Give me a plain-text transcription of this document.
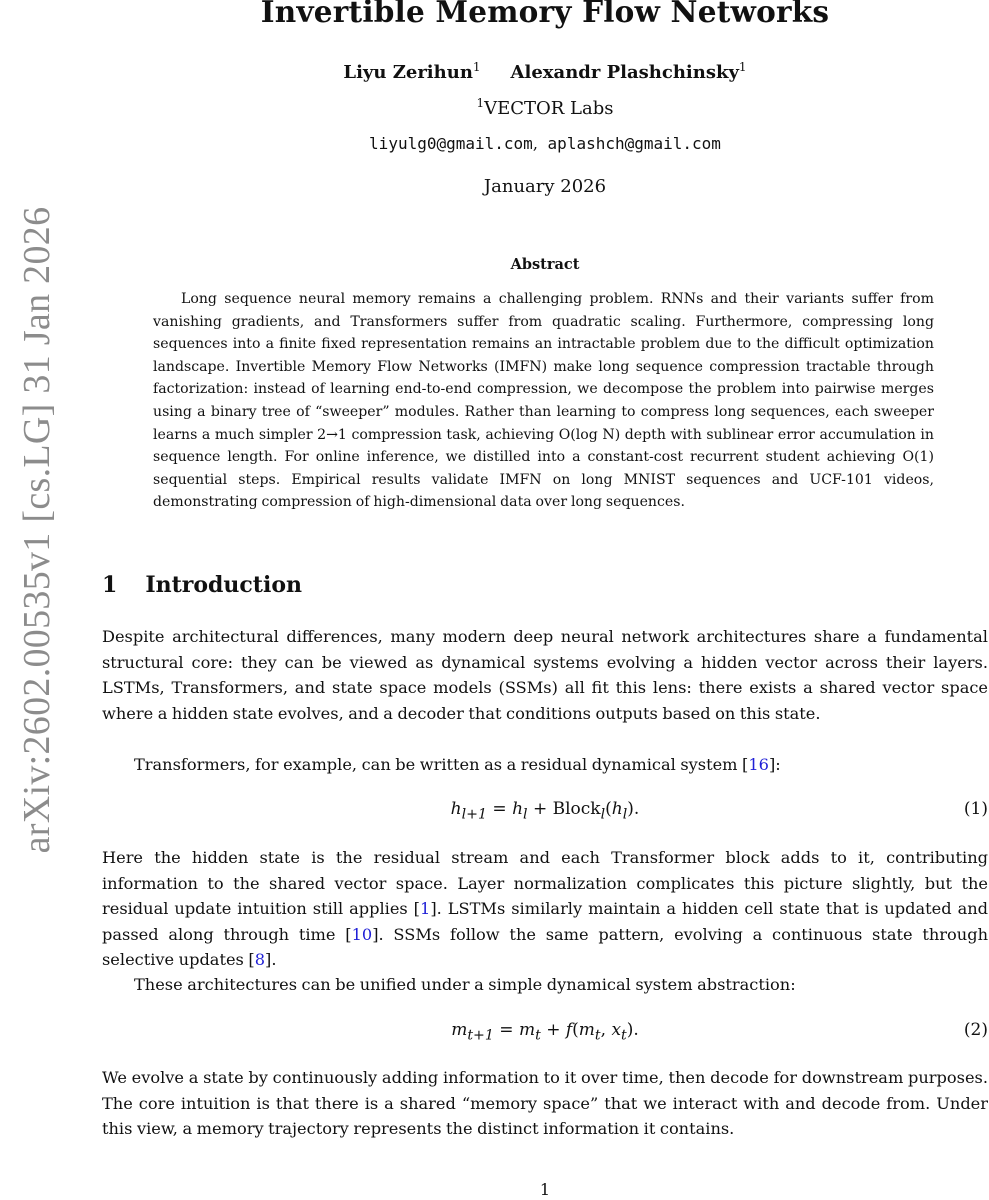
arXiv:2602.00535v1 [cs.LG] 31 Jan 2026
Invertible Memory Flow Networks
Liyu Zerihun$^1$ Alexandr Plashchinsky$^1$
$^1$VECTOR Labs
liyulg0@gmail.com, aplashch@gmail.com
January 2026
Abstract

Long sequence neural memory remains a challenging problem. RNNs and their variants suffer from vanishing gradients, and Transformers suffer from quadratic scaling. Furthermore, compressing long sequences into a finite fixed representation remains an intractable problem due to the difficult optimization landscape. Invertible Memory Flow Networks (IMFN) make long sequence compression tractable through factorization: instead of learning end-to-end compression, we decompose the problem into pairwise merges using a binary tree of “sweeper” modules. Rather than learning to compress long sequences, each sweeper learns a much simpler 2→1 compression task, achieving O(log N) depth with sublinear error accumulation in sequence length. For online inference, we distilled into a constant-cost recurrent student achieving O(1) sequential steps. Empirical results validate IMFN on long MNIST sequences and UCF-101 videos, demonstrating compression of high-dimensional data over long sequences.

1 Introduction

Despite architectural differences, many modern deep neural network architectures share a fundamental structural core: they can be viewed as dynamical systems evolving a hidden vector across their layers. LSTMs, Transformers, and state space models (SSMs) all fit this lens: there exists a shared vector space where a hidden state evolves, and a decoder that conditions outputs based on this state.

Transformers, for example, can be written as a residual dynamical system [16]:

$h_{l+1} = h_l$ + $Block_l(h_l)$.	(1)

Here the hidden state is the residual stream and each Transformer block adds to it, contributing information to the shared vector space. Layer normalization complicates this picture slightly, but the residual update intuition still applies [1]. LSTMs similarly maintain a hidden cell state that is updated and passed along through time [10]. SSMs follow the same pattern, evolving a continuous state through selective updates [8].

These architectures can be unified under a simple dynamical system abstraction:

$m_{t+1} = m_t + f(m_t$, $x_t$).	(2)

We evolve a state by continuously adding information to it over time, then decode for downstream purposes. The core intuition is that there is a shared “memory space” that we interact with and decode from. Under this view, a memory trajectory represents the distinct information it contains.

1
